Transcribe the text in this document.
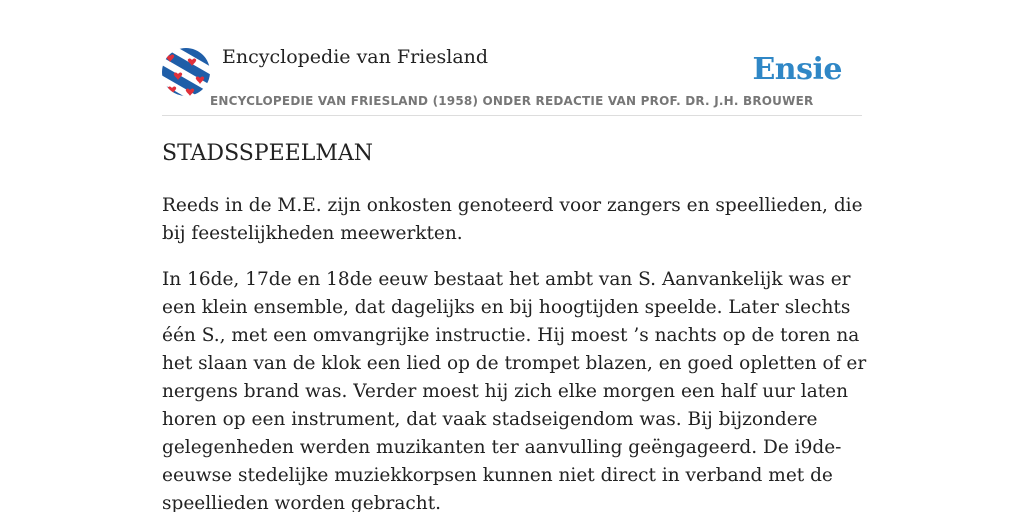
Encyclopedie van Friesland
ENCYCLOPEDIE VAN FRIESLAND (1958) ONDER REDACTIE VAN PROF. DR. J.H. BROUWER
Ensie
STADSSPEELMAN

Reeds in de M.E. zijn onkosten genoteerd voor zangers en speellieden, die bij feestelijkheden meewerkten.

In 16de, 17de en 18de eeuw bestaat het ambt van S. Aanvankelijk was er een klein ensemble, dat dagelijks en bij hoogtijden speelde. Later slechts één S., met een omvangrijke instructie. Hij moest ’s nachts op de toren na het slaan van de klok een lied op de trompet blazen, en goed opletten of er nergens brand was. Verder moest hij zich elke morgen een half uur laten horen op een instrument, dat vaak stadseigendom was. Bij bijzondere gelegenheden werden muzikanten ter aanvulling geëngageerd. De i9de-eeuwse stedelijke muziekkorpsen kunnen niet direct in verband met de speellieden worden gebracht.
